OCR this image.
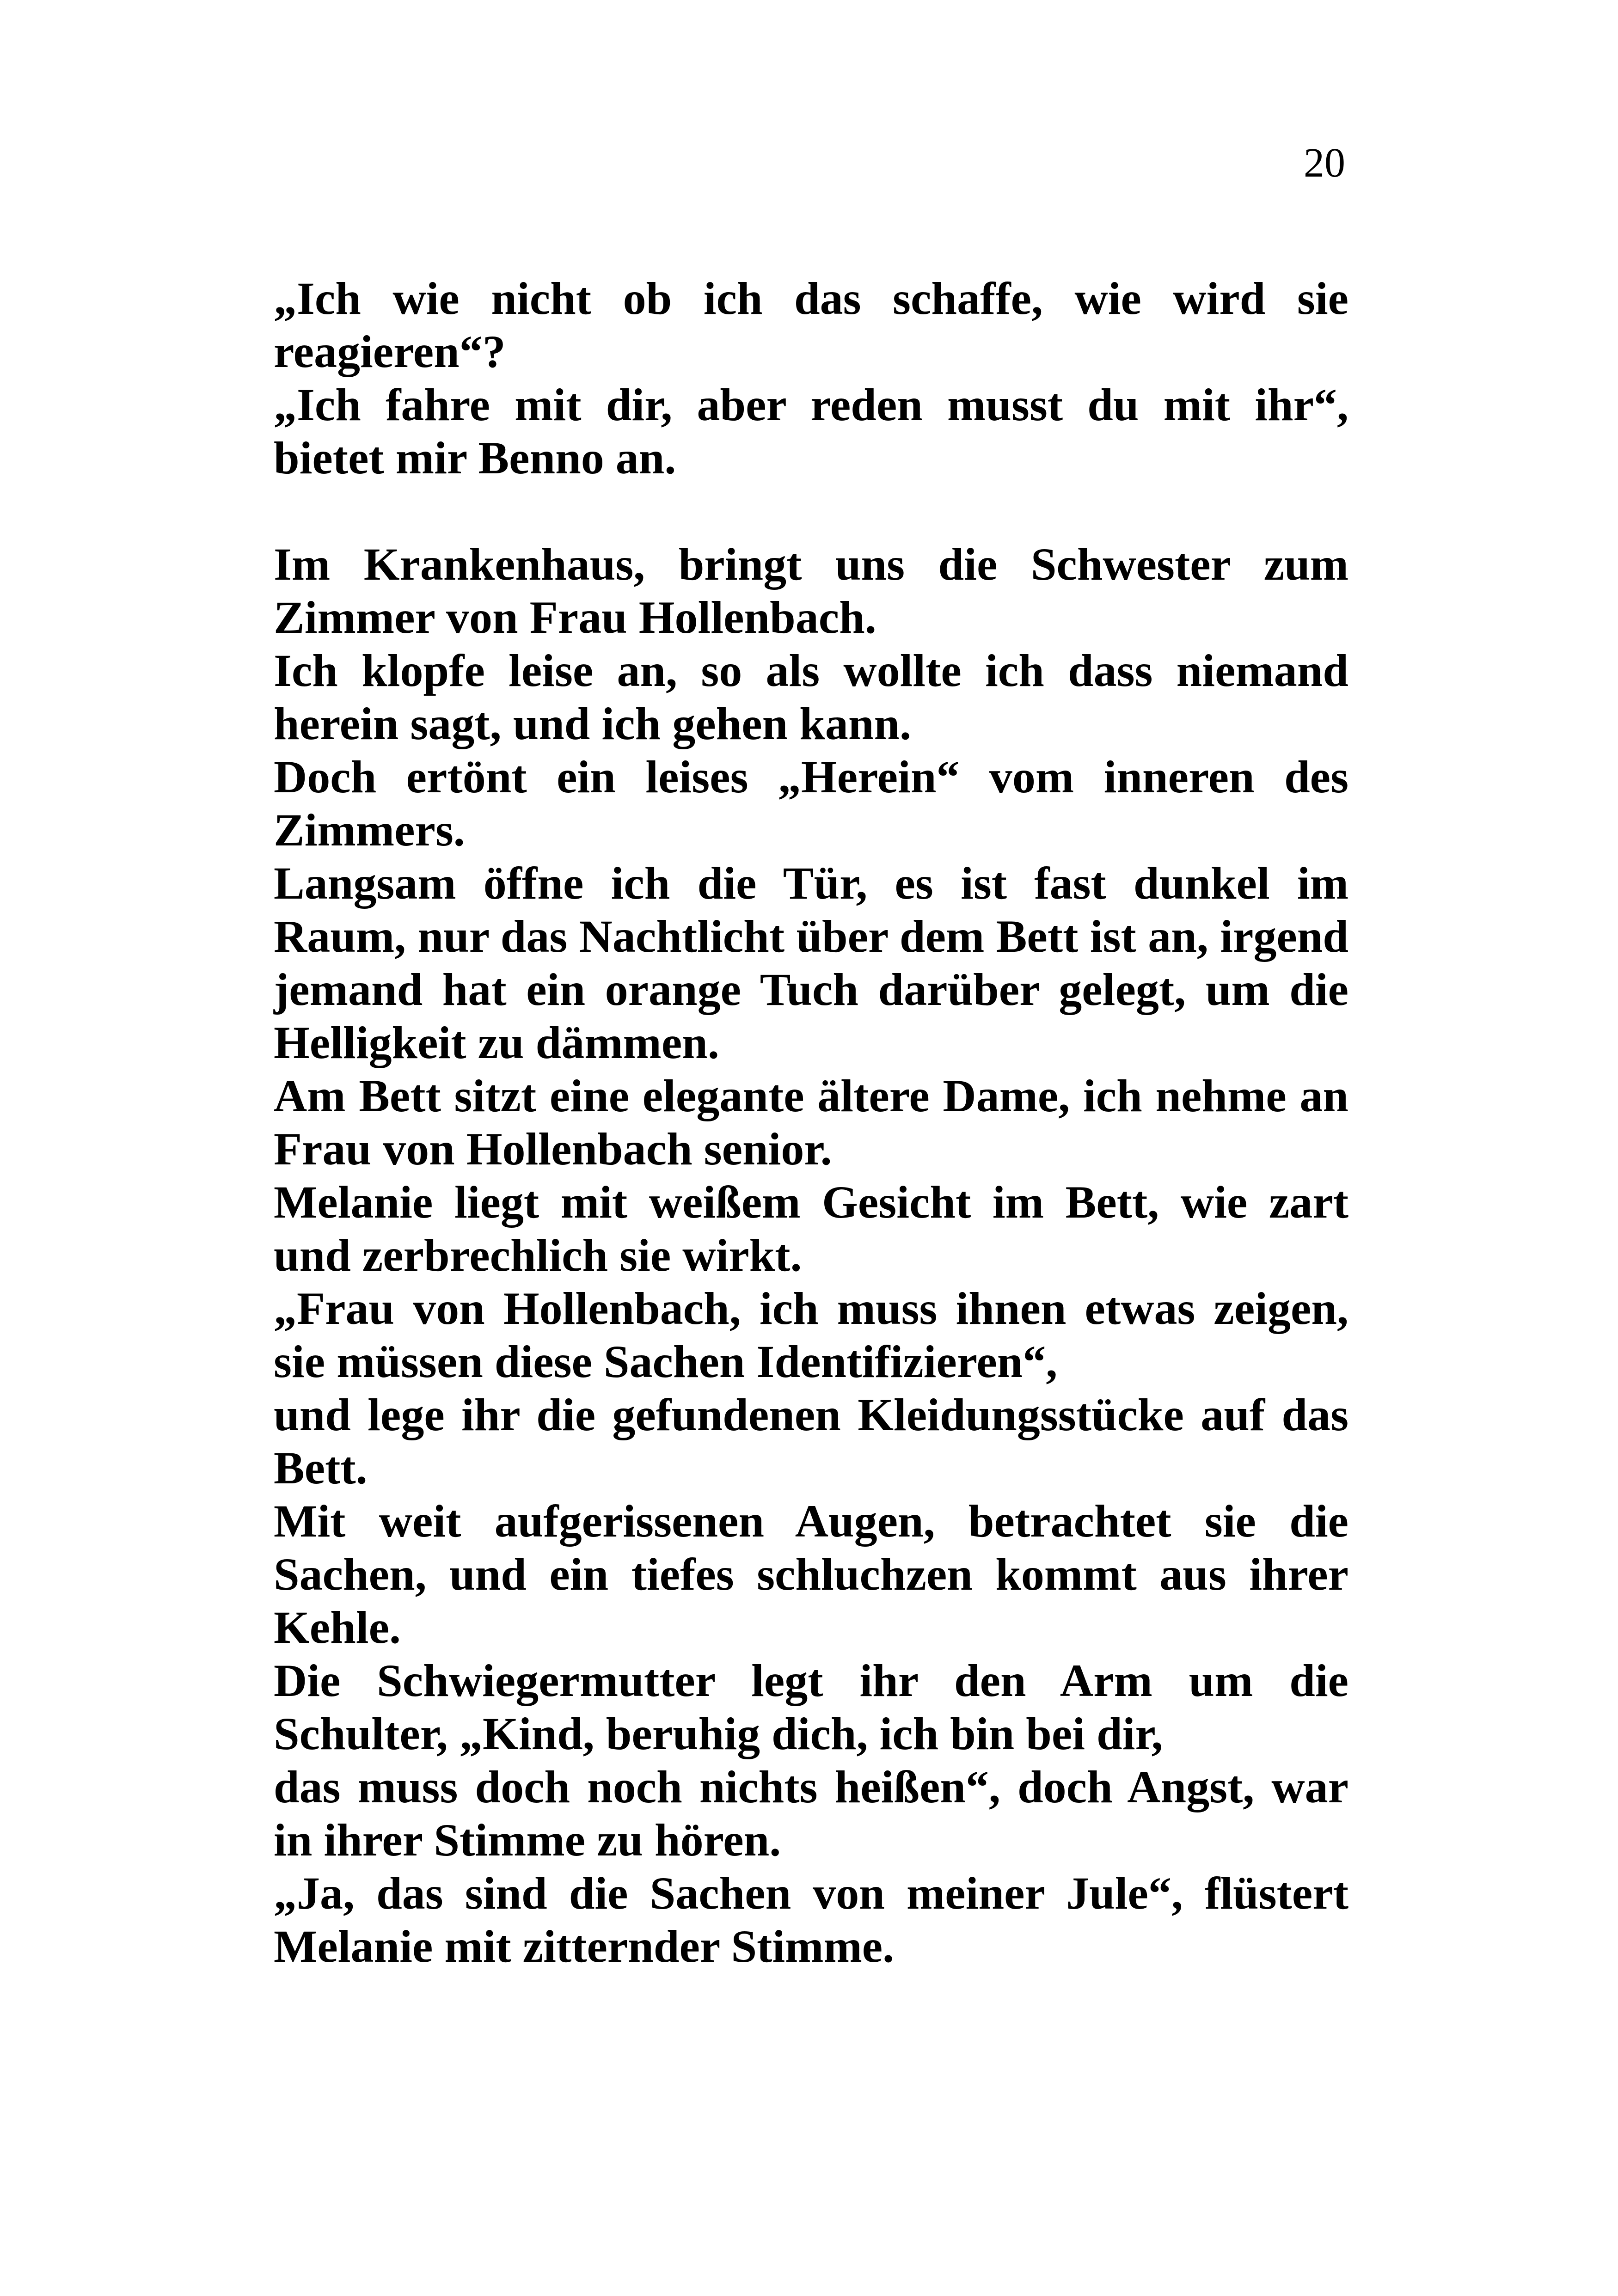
20

„Ich wie nicht ob ich das schaffe, wie wird sie reagieren“?

„Ich fahre mit dir, aber reden musst du mit ihr“, bietet mir Benno an.

Im Krankenhaus, bringt uns die Schwester zum Zimmer von Frau Hollenbach.

Ich klopfe leise an, so als wollte ich dass niemand herein sagt, und ich gehen kann.

Doch ertönt ein leises „Herein“ vom inneren des Zimmers.

Langsam öffne ich die Tür, es ist fast dunkel im Raum, nur das Nachtlicht über dem Bett ist an, irgend jemand hat ein orange Tuch darüber gelegt, um die Helligkeit zu dämmen.

Am Bett sitzt eine elegante ältere Dame, ich nehme an Frau von Hollenbach senior.

Melanie liegt mit weißem Gesicht im Bett, wie zart und zerbrechlich sie wirkt.

„Frau von Hollenbach, ich muss ihnen etwas zeigen, sie müssen diese Sachen Identifizieren“,

und lege ihr die gefundenen Kleidungsstücke auf das Bett.

Mit weit aufgerissenen Augen, betrachtet sie die Sachen, und ein tiefes schluchzen kommt aus ihrer Kehle.

Die Schwiegermutter legt ihr den Arm um die Schulter, „Kind, beruhig dich, ich bin bei dir,

das muss doch noch nichts heißen“, doch Angst, war in ihrer Stimme zu hören.

„Ja, das sind die Sachen von meiner Jule“, flüstert Melanie mit zitternder Stimme.
